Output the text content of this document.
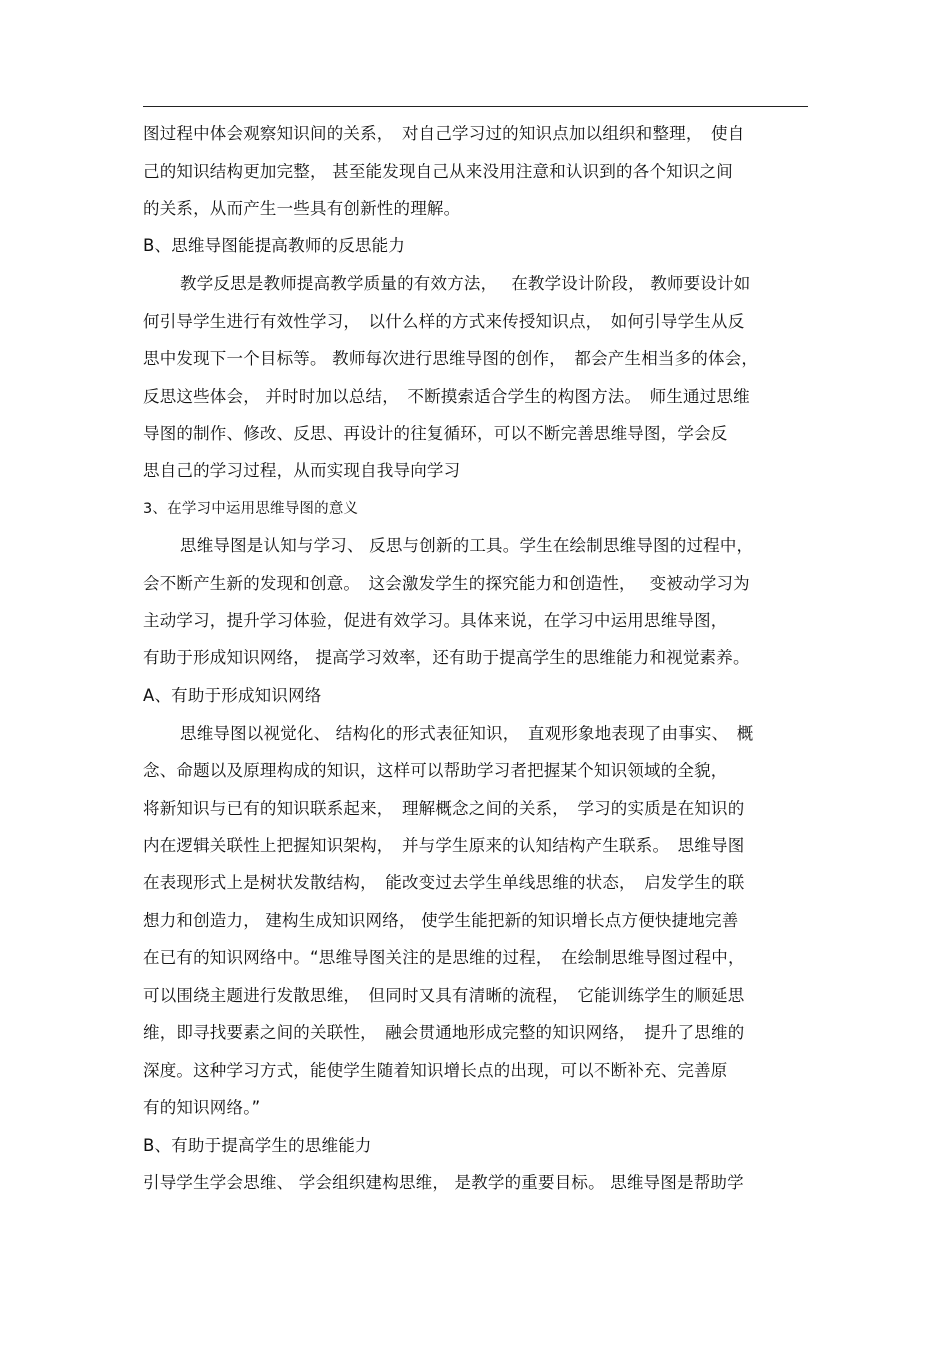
图过程中体会观察知识间的关系，　对自己学习过的知识点加以组织和整理，　使自

己的知识结构更加完整， 甚至能发现自己从来没用注意和认识到的各个知识之间

的关系，从而产生一些具有创新性的理解。

B、思维导图能提高教师的反思能力

教学反思是教师提高教学质量的有效方法，　 在教学设计阶段， 教师要设计如

何引导学生进行有效性学习，　以什么样的方式来传授知识点，　如何引导学生从反

思中发现下一个目标等。 教师每次进行思维导图的创作，　都会产生相当多的体会，

反思这些体会， 并时时加以总结，　不断摸索适合学生的构图方法。　师生通过思维

导图的制作、修改、反思、再设计的往复循环，可以不断完善思维导图，学会反

思自己的学习过程，从而实现自我导向学习

3、在学习中运用思维导图的意义

思维导图是认知与学习、 反思与创新的工具。学生在绘制思维导图的过程中，

会不断产生新的发现和创意。　这会激发学生的探究能力和创造性，　 变被动学习为

主动学习，提升学习体验，促进有效学习。具体来说，在学习中运用思维导图，

有助于形成知识网络， 提高学习效率，还有助于提高学生的思维能力和视觉素养。

A、有助于形成知识网络

思维导图以视觉化、 结构化的形式表征知识，　直观形象地表现了由事实、　概

念、命题以及原理构成的知识，这样可以帮助学习者把握某个知识领域的全貌，

将新知识与已有的知识联系起来，　理解概念之间的关系，　学习的实质是在知识的

内在逻辑关联性上把握知识架构，　并与学生原来的认知结构产生联系。　思维导图

在表现形式上是树状发散结构，　能改变过去学生单线思维的状态，　启发学生的联

想力和创造力， 建构生成知识网络， 使学生能把新的知识增长点方便快捷地完善

在已有的知识网络中。“思维导图关注的是思维的过程，　在绘制思维导图过程中，

可以围绕主题进行发散思维，　但同时又具有清晰的流程，　它能训练学生的顺延思

维，即寻找要素之间的关联性，　融会贯通地形成完整的知识网络，　提升了思维的

深度。这种学习方式，能使学生随着知识增长点的出现，可以不断补充、完善原

有的知识网络。”

B、有助于提高学生的思维能力

引导学生学会思维、 学会组织建构思维， 是教学的重要目标。 思维导图是帮助学
